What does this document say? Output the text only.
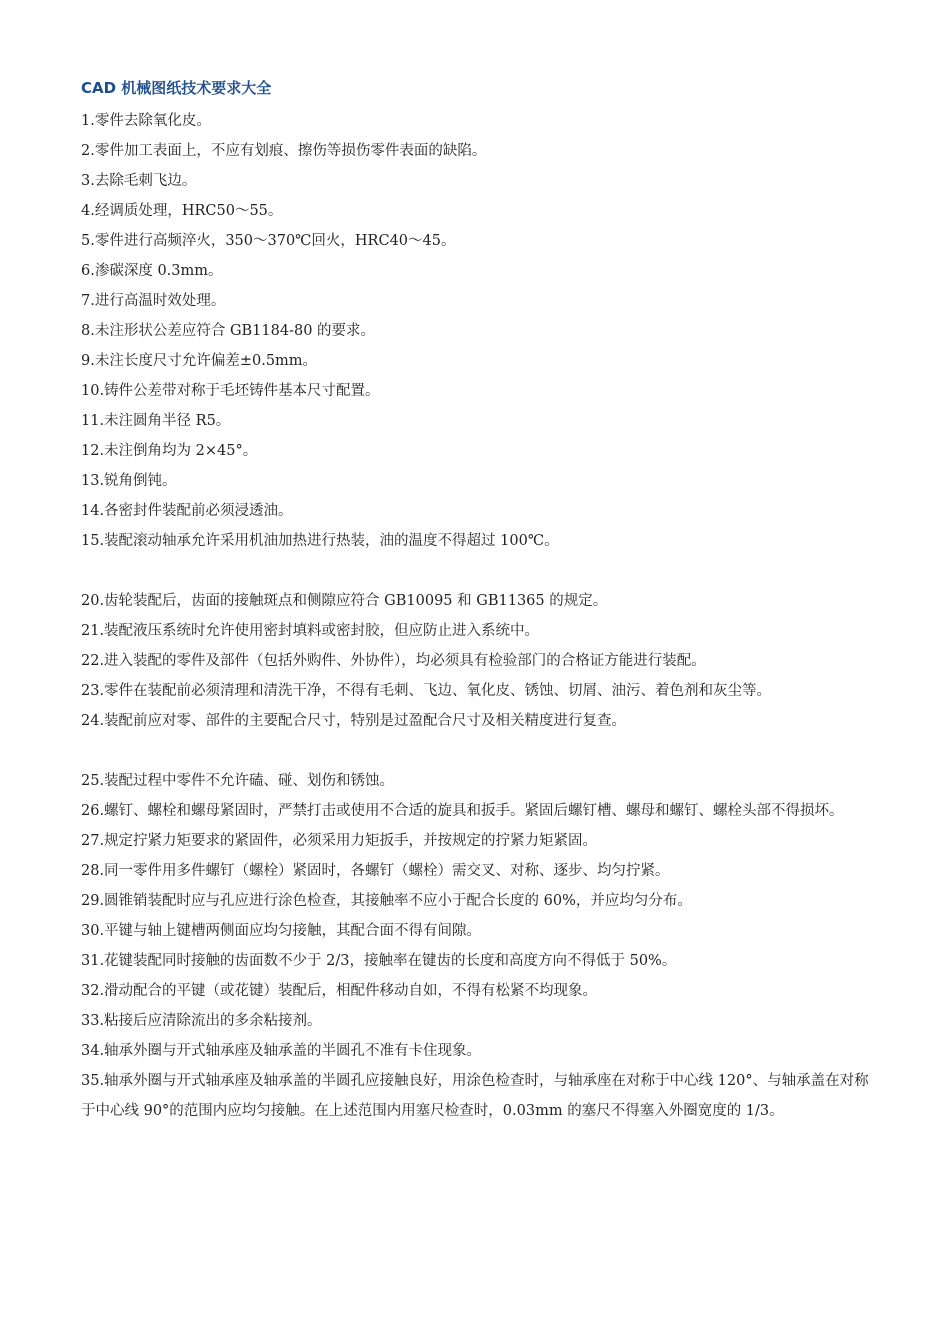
CAD 机械图纸技术要求大全
1.零件去除氧化皮。
2.零件加工表面上，不应有划痕、擦伤等损伤零件表面的缺陷。
3.去除毛刺飞边。
4.经调质处理，HRC50～55。
5.零件进行高频淬火，350～370℃回火，HRC40～45。
6.渗碳深度 0.3mm。
7.进行高温时效处理。
8.未注形状公差应符合 GB1184-80 的要求。
9.未注长度尺寸允许偏差±0.5mm。
10.铸件公差带对称于毛坯铸件基本尺寸配置。
11.未注圆角半径 R5。
12.未注倒角均为 2×45°。
13.锐角倒钝。
14.各密封件装配前必须浸透油。
15.装配滚动轴承允许采用机油加热进行热装，油的温度不得超过 100℃。
20.齿轮装配后，齿面的接触斑点和侧隙应符合 GB10095 和 GB11365 的规定。
21.装配液压系统时允许使用密封填料或密封胶，但应防止进入系统中。
22.进入装配的零件及部件（包括外购件、外协件），均必须具有检验部门的合格证方能进行装配。
23.零件在装配前必须清理和清洗干净，不得有毛刺、飞边、氧化皮、锈蚀、切屑、油污、着色剂和灰尘等。
24.装配前应对零、部件的主要配合尺寸，特别是过盈配合尺寸及相关精度进行复查。
25.装配过程中零件不允许磕、碰、划伤和锈蚀。
26.螺钉、螺栓和螺母紧固时，严禁打击或使用不合适的旋具和扳手。紧固后螺钉槽、螺母和螺钉、螺栓头部不得损坏。
27.规定拧紧力矩要求的紧固件，必须采用力矩扳手，并按规定的拧紧力矩紧固。
28.同一零件用多件螺钉（螺栓）紧固时，各螺钉（螺栓）需交叉、对称、逐步、均匀拧紧。
29.圆锥销装配时应与孔应进行涂色检查，其接触率不应小于配合长度的 60%，并应均匀分布。
30.平键与轴上键槽两侧面应均匀接触，其配合面不得有间隙。
31.花键装配同时接触的齿面数不少于 2/3，接触率在键齿的长度和高度方向不得低于 50%。
32.滑动配合的平键（或花键）装配后，相配件移动自如，不得有松紧不均现象。
33.粘接后应清除流出的多余粘接剂。
34.轴承外圈与开式轴承座及轴承盖的半圆孔不准有卡住现象。
35.轴承外圈与开式轴承座及轴承盖的半圆孔应接触良好，用涂色检查时，与轴承座在对称于中心线 120°、与轴承盖在对称于中心线 90°的范围内应均匀接触。在上述范围内用塞尺检查时，0.03mm 的塞尺不得塞入外圈宽度的 1/3。
